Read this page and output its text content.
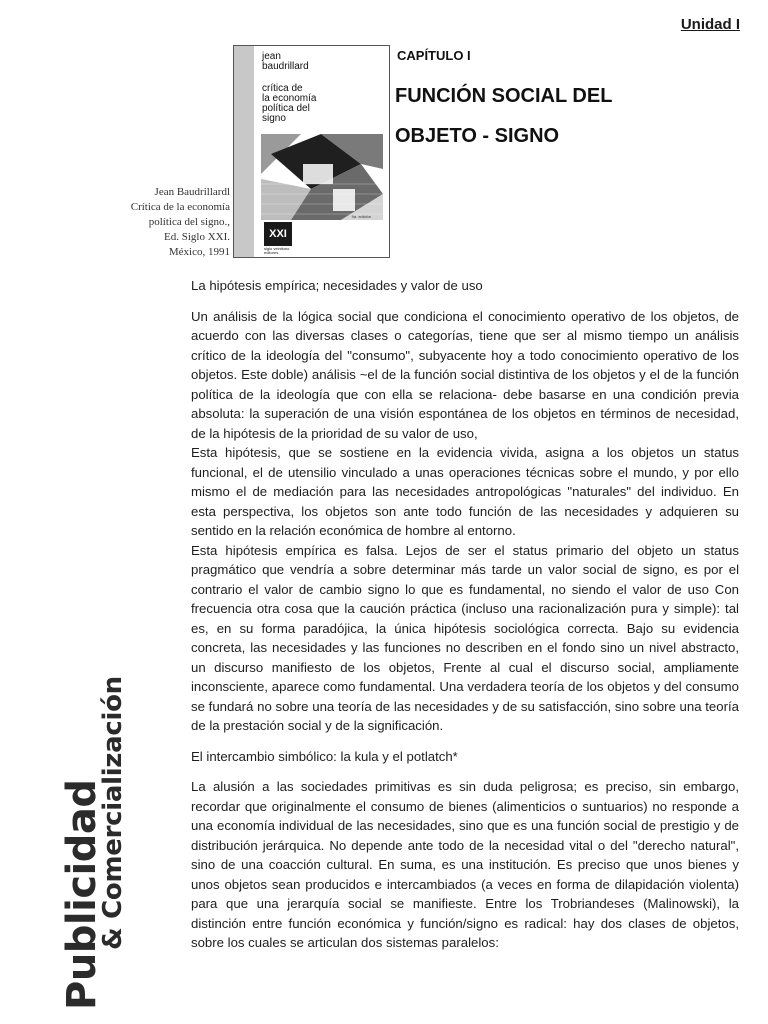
Unidad I
jean
baudrillard
crítica de
la economía
política del
signo
9a. edición
XXI
siglo veintiuno editores
Jean Baudrillardl
Crítica de la economía
política del signo.,
Ed. Siglo XXI.
México, 1991
CAPÍTULO I
FUNCIÓN SOCIAL DEL
OBJETO - SIGNO
Publicidad
& Comercialización

La hipótesis empírica; necesidades y valor de uso

Un análisis de la lógica social que condiciona el conocimiento operativo de los objetos, de acuerdo con las diversas clases o categorías, tiene que ser al mismo tiempo un análisis crítico de la ideología del "consumo", subyacente hoy a todo conocimiento operativo de los objetos. Este doble) análisis ~el de la función social distintiva de los objetos y el de la función política de la ideología que con ella se relaciona- debe basarse en una condición previa absoluta: la superación de una visión espontánea de los objetos en términos de necesidad, de la hipótesis de la prioridad de su valor de uso,

Esta hipótesis, que se sostiene en la evidencia vivida, asigna a los objetos un status funcional, el de utensilio vinculado a unas operaciones técnicas sobre el mundo, y por ello mismo el de mediación para las necesidades antropológicas "naturales" del individuo. En esta perspectiva, los objetos son ante todo función de las necesidades y adquieren su sentido en la relación económica de hombre al entorno.

Esta hipótesis empírica es falsa. Lejos de ser el status primario del objeto un status pragmático que vendría a sobre determinar más tarde un valor social de signo, es por el contrario el valor de cambio signo lo que es fundamental, no siendo el valor de uso Con frecuencia otra cosa que la caución práctica (incluso una racionalización pura y simple): tal es, en su forma paradójica, la única hipótesis sociológica correcta. Bajo su evidencia concreta, las necesidades y las funciones no describen en el fondo sino un nivel abstracto, un discurso manifiesto de los objetos, Frente al cual el discurso social, ampliamente inconsciente, aparece como fundamental. Una verdadera teoría de los objetos y del consumo se fundará no sobre una teoría de las necesidades y de su satisfacción, sino sobre una teoría de la prestación social y de la significación.

El intercambio simbólico: la kula y el potlatch*

La alusión a las sociedades primitivas es sin duda peligrosa; es preciso, sin embargo, recordar que originalmente el consumo de bienes (alimenticios o suntuarios) no responde a una economía individual de las necesidades, sino que es una función social de prestigio y de distribución jerárquica. No depende ante todo de la necesidad vital o del "derecho natural", sino de una coacción cultural. En suma, es una institución. Es preciso que unos bienes y unos objetos sean producidos e intercambiados (a veces en forma de dilapidación violenta) para que una jerarquía social se manifieste. Entre los Trobriandeses (Malinowski), la distinción entre función económica y función/signo es radical: hay dos clases de objetos, sobre los cuales se articulan dos sistemas paralelos:
